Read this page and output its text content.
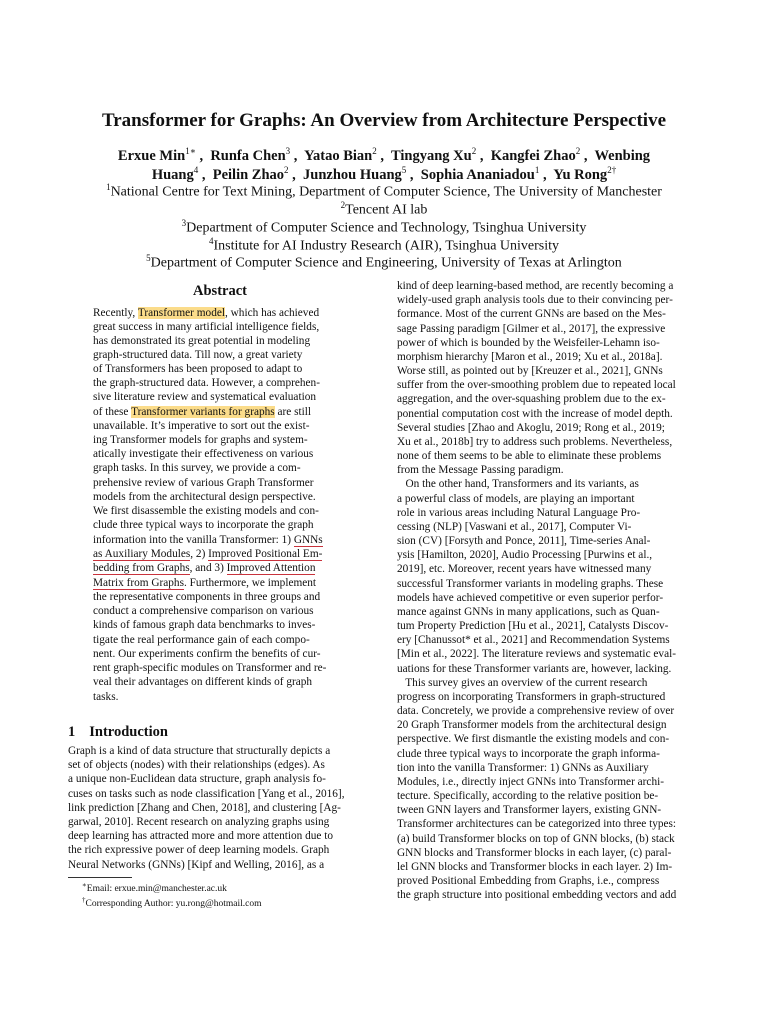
Transformer for Graphs: An Overview from Architecture Perspective
Erxue Min$^{1∗}$ ,  Runfa Chen$^3$ ,  Yatao Bian$^2$ ,  Tingyang Xu$^2$ ,  Kangfei Zhao$^2$ ,  Wenbing
Huang$^4$ ,  Peilin Zhao$^2$ ,  Junzhou Huang$^5$ ,  Sophia Ananiadou$^1$ ,  Yu Rong$^{2\dagger}$
$^1$National Centre for Text Mining, Department of Computer Science, The University of Manchester
$^2$Tencent AI lab
$^3$Department of Computer Science and Technology, Tsinghua University
$^4$Institute for AI Industry Research (AIR), Tsinghua University
$^5$Department of Computer Science and Engineering, University of Texas at Arlington
Abstract
Recently, Transformer model, which has achieved
great success in many artificial intelligence fields,
has demonstrated its great potential in modeling
graph-structured data. Till now, a great variety
of Transformers has been proposed to adapt to
the graph-structured data. However, a comprehen-
sive literature review and systematical evaluation
of these Transformer variants for graphs are still
unavailable. It’s imperative to sort out the exist-
ing Transformer models for graphs and system-
atically investigate their effectiveness on various
graph tasks. In this survey, we provide a com-
prehensive review of various Graph Transformer
models from the architectural design perspective.
We first disassemble the existing models and con-
clude three typical ways to incorporate the graph
information into the vanilla Transformer: 1) GNNs
as Auxiliary Modules, 2) Improved Positional Em-
bedding from Graphs, and 3) Improved Attention
Matrix from Graphs. Furthermore, we implement
the representative components in three groups and
conduct a comprehensive comparison on various
kinds of famous graph data benchmarks to inves-
tigate the real performance gain of each compo-
nent. Our experiments confirm the benefits of cur-
rent graph-specific modules on Transformer and re-
veal their advantages on different kinds of graph
tasks.
1 Introduction
Graph is a kind of data structure that structurally depicts a
set of objects (nodes) with their relationships (edges). As
a unique non-Euclidean data structure, graph analysis fo-
cuses on tasks such as node classification [Yang et al., 2016],
link prediction [Zhang and Chen, 2018], and clustering [Ag-
garwal, 2010]. Recent research on analyzing graphs using
deep learning has attracted more and more attention due to
the rich expressive power of deep learning models. Graph
Neural Networks (GNNs) [Kipf and Welling, 2016], as a
∗Email: erxue.min@manchester.ac.uk
†Corresponding Author: yu.rong@hotmail.com
kind of deep learning-based method, are recently becoming a
widely-used graph analysis tools due to their convincing per-
formance. Most of the current GNNs are based on the Mes-
sage Passing paradigm [Gilmer et al., 2017], the expressive
power of which is bounded by the Weisfeiler-Lehamn iso-
morphism hierarchy [Maron et al., 2019; Xu et al., 2018a].
Worse still, as pointed out by [Kreuzer et al., 2021], GNNs
suffer from the over-smoothing problem due to repeated local
aggregation, and the over-squashing problem due to the ex-
ponential computation cost with the increase of model depth.
Several studies [Zhao and Akoglu, 2019; Rong et al., 2019;
Xu et al., 2018b] try to address such problems. Nevertheless,
none of them seems to be able to eliminate these problems
from the Message Passing paradigm.
On the other hand, Transformers and its variants, as
a powerful class of models, are playing an important
role in various areas including Natural Language Pro-
cessing (NLP) [Vaswani et al., 2017], Computer Vi-
sion (CV) [Forsyth and Ponce, 2011], Time-series Anal-
ysis [Hamilton, 2020], Audio Processing [Purwins et al.,
2019], etc. Moreover, recent years have witnessed many
successful Transformer variants in modeling graphs. These
models have achieved competitive or even superior perfor-
mance against GNNs in many applications, such as Quan-
tum Property Prediction [Hu et al., 2021], Catalysts Discov-
ery [Chanussot* et al., 2021] and Recommendation Systems
[Min et al., 2022]. The literature reviews and systematic eval-
uations for these Transformer variants are, however, lacking.
This survey gives an overview of the current research
progress on incorporating Transformers in graph-structured
data. Concretely, we provide a comprehensive review of over
20 Graph Transformer models from the architectural design
perspective. We first dismantle the existing models and con-
clude three typical ways to incorporate the graph informa-
tion into the vanilla Transformer: 1) GNNs as Auxiliary
Modules, i.e., directly inject GNNs into Transformer archi-
tecture. Specifically, according to the relative position be-
tween GNN layers and Transformer layers, existing GNN-
Transformer architectures can be categorized into three types:
(a) build Transformer blocks on top of GNN blocks, (b) stack
GNN blocks and Transformer blocks in each layer, (c) paral-
lel GNN blocks and Transformer blocks in each layer. 2) Im-
proved Positional Embedding from Graphs, i.e., compress
the graph structure into positional embedding vectors and add
